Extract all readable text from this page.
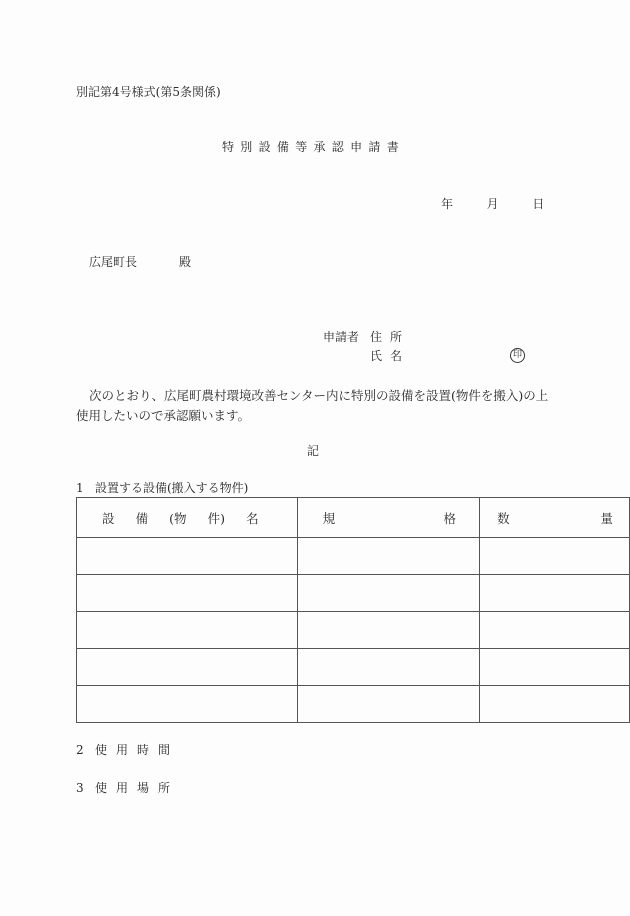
別記第4号様式(第5条関係)
特別設備等承認申請書
年	月	日
広尾町長	殿
申請者 住所
氏名	印
次のとおり、広尾町農村環境改善センター内に特別の設備を設置(物件を搬入)の上使用したいので承認願います。
記
1 設置する設備(搬入する物件)
設 備 (物 件) 名	規 格	数 量

2 使用時間
3 使用場所
